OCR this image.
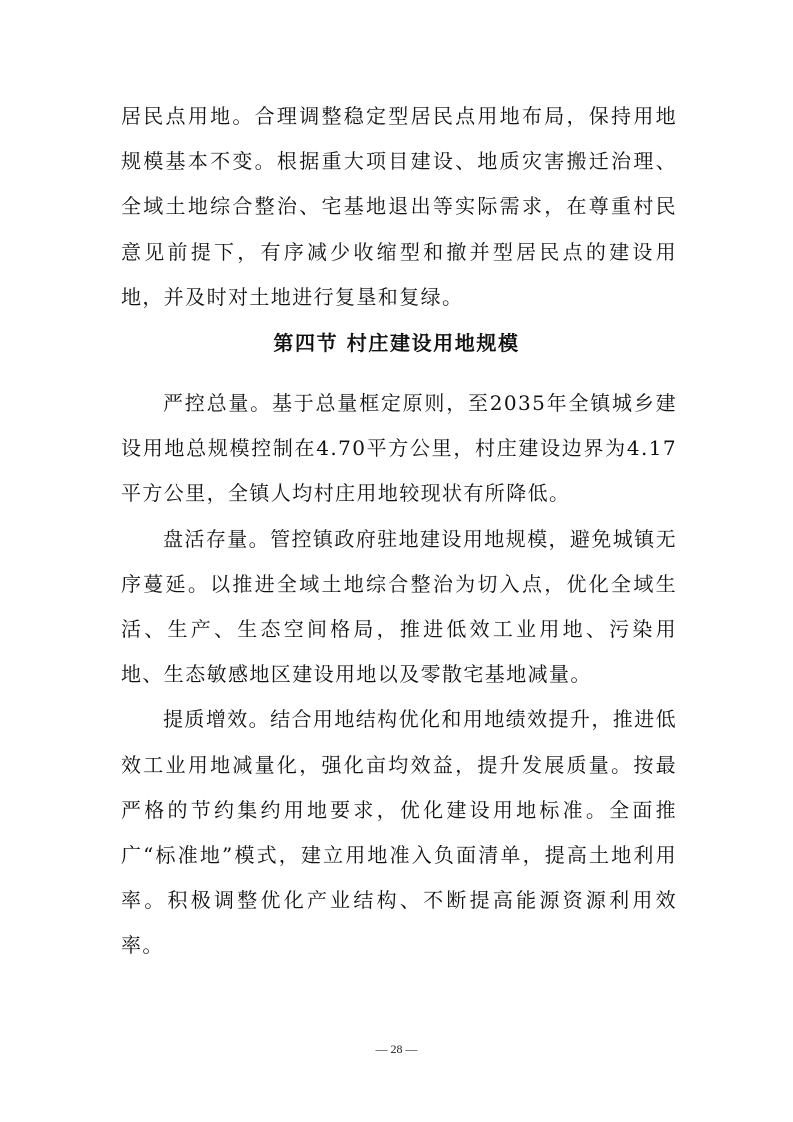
居民点用地。合理调整稳定型居民点用地布局，保持用地规模基本不变。根据重大项目建设、地质灾害搬迁治理、全域土地综合整治、宅基地退出等实际需求，在尊重村民意见前提下，有序减少收缩型和撤并型居民点的建设用地，并及时对土地进行复垦和复绿。

第四节 村庄建设用地规模

严控总量。基于总量框定原则，至2035年全镇城乡建设用地总规模控制在4.70平方公里，村庄建设边界为4.17平方公里，全镇人均村庄用地较现状有所降低。

盘活存量。管控镇政府驻地建设用地规模，避免城镇无序蔓延。以推进全域土地综合整治为切入点，优化全域生活、生产、生态空间格局，推进低效工业用地、污染用地、生态敏感地区建设用地以及零散宅基地减量。

提质增效。结合用地结构优化和用地绩效提升，推进低效工业用地减量化，强化亩均效益，提升发展质量。按最严格的节约集约用地要求，优化建设用地标准。全面推广“标准地”模式，建立用地准入负面清单，提高土地利用率。积极调整优化产业结构、不断提高能源资源利用效率。

— 28 —
